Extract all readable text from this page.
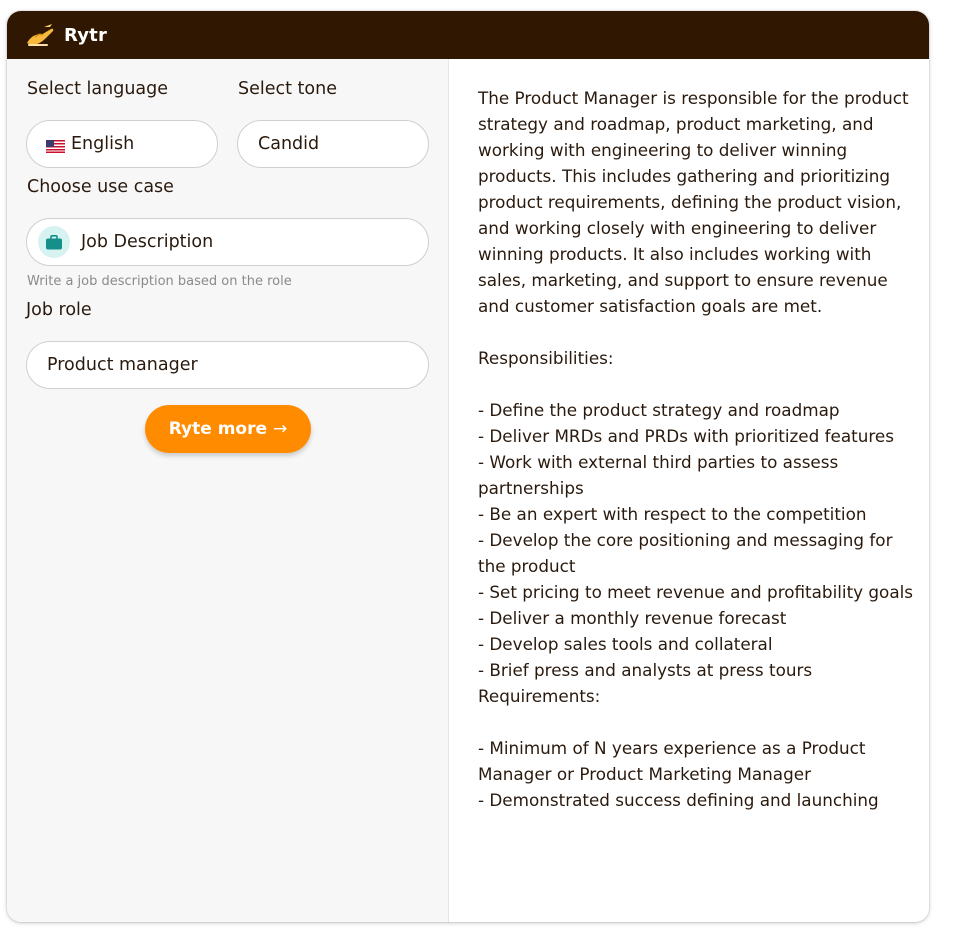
Rytr
Select language	Select tone
English	Candid
Choose use case
Job Description
Write a job description based on the role
Job role
Product manager
Ryte more →
The Product Manager is responsible for the product strategy and roadmap, product marketing, and working with engineering to deliver winning products. This includes gathering and prioritizing product requirements, defining the product vision, and working closely with engineering to deliver winning products. It also includes working with sales, marketing, and support to ensure revenue and customer satisfaction goals are met.

Responsibilities:

- Define the product strategy and roadmap
- Deliver MRDs and PRDs with prioritized features
- Work with external third parties to assess partnerships
- Be an expert with respect to the competition
- Develop the core positioning and messaging for the product
- Set pricing to meet revenue and profitability goals
- Deliver a monthly revenue forecast
- Develop sales tools and collateral
- Brief press and analysts at press tours
Requirements:

- Minimum of N years experience as a Product Manager or Product Marketing Manager
- Demonstrated success defining and launching
